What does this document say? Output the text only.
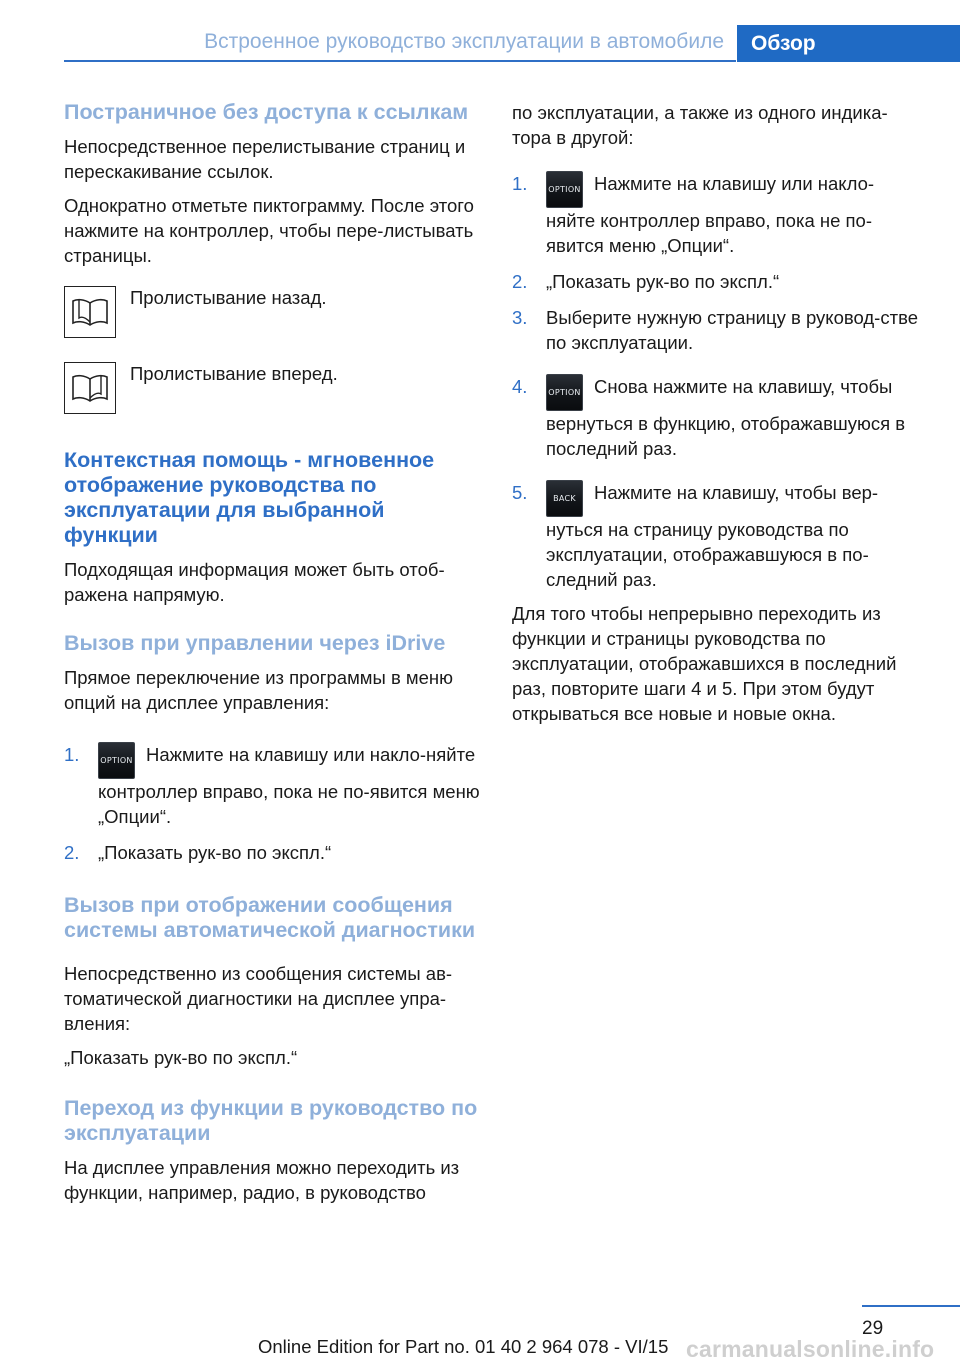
Встроенное руководство эксплуатации в автомобиле	Обзор
Постраничное без доступа к ссылкам

Непосредственное перелистывание страниц и перескакивание ссылок.

Однократно отметьте пиктограмму. После этого нажмите на контроллер, чтобы пере-листывать страницы.

Пролистывание назад.

Пролистывание вперед.

Контекстная помощь - мгновенное отображение руководства по эксплуатации для выбранной функции

Подходящая информация может быть отоб-ражена напрямую.

Вызов при управлении через iDrive

Прямое переключение из программы в меню опций на дисплее управления:

1.	OPTION Нажмите на клавишу или накло-няйте контроллер вправо, пока не по-явится меню „Опции“.
2.	„Показать рук-во по экспл.“
Вызов при отображении сообщения системы автоматической диагностики

Непосредственно из сообщения системы ав-томатической диагностики на дисплее упра-вления:

„Показать рук-во по экспл.“

Переход из функции в руководство по эксплуатации

На дисплее управления можно переходить из функции, например, радио, в руководство

по эксплуатации, а также из одного индика-тора в другой:

1.	OPTION Нажмите на клавишу или накло-няйте контроллер вправо, пока не по-явится меню „Опции“.
2.	„Показать рук-во по экспл.“
3.	Выберите нужную страницу в руковод-стве по эксплуатации.
4.	OPTION Снова нажмите на клавишу, чтобы вернуться в функцию, отображавшуюся в последний раз.
5.	BACK Нажмите на клавишу, чтобы вер-нуться на страницу руководства по эксплуатации, отображавшуюся в по-следний раз.

Для того чтобы непрерывно переходить из функции и страницы руководства по эксплуатации, отображавшихся в последний раз, повторите шаги 4 и 5. При этом будут открываться все новые и новые окна.

29
Online Edition for Part no. 01 40 2 964 078 - VI/15 carmanualsonline.info
